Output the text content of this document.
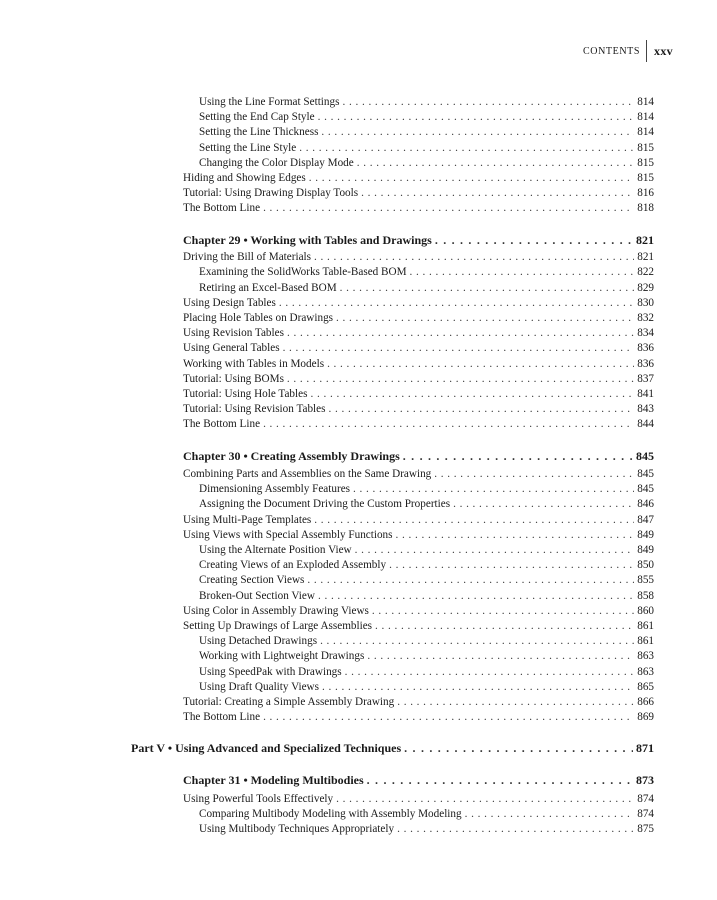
CONTENTS xxv
Using the Line Format Settings . . .	814
Setting the End Cap Style . . .	814
Setting the Line Thickness . . .	814
Setting the Line Style . . .	815
Changing the Color Display Mode . . .	815
Hiding and Showing Edges . . .	815
Tutorial: Using Drawing Display Tools . . .	816
The Bottom Line . . .	818
Chapter 29 • Working with Tables and Drawings . . .	821
Driving the Bill of Materials . . .	821
Examining the SolidWorks Table-Based BOM . . .	822
Retiring an Excel-Based BOM . . .	829
Using Design Tables . . .	830
Placing Hole Tables on Drawings . . .	832
Using Revision Tables . . .	834
Using General Tables . . .	836
Working with Tables in Models . . .	836
Tutorial: Using BOMs . . .	837
Tutorial: Using Hole Tables . . .	841
Tutorial: Using Revision Tables . . .	843
The Bottom Line . . .	844
Chapter 30 • Creating Assembly Drawings . . .	845
Combining Parts and Assemblies on the Same Drawing . . .	845
Dimensioning Assembly Features . . .	845
Assigning the Document Driving the Custom Properties . . .	846
Using Multi-Page Templates . . .	847
Using Views with Special Assembly Functions . . .	849
Using the Alternate Position View . . .	849
Creating Views of an Exploded Assembly . . .	850
Creating Section Views . . .	855
Broken-Out Section View . . .	858
Using Color in Assembly Drawing Views . . .	860
Setting Up Drawings of Large Assemblies . . .	861
Using Detached Drawings . . .	861
Working with Lightweight Drawings . . .	863
Using SpeedPak with Drawings . . .	863
Using Draft Quality Views . . .	865
Tutorial: Creating a Simple Assembly Drawing . . .	866
The Bottom Line . . .	869
Part V • Using Advanced and Specialized Techniques . . .	871
Chapter 31 • Modeling Multibodies . . .	873
Using Powerful Tools Effectively . . .	874
Comparing Multibody Modeling with Assembly Modeling . . .	874
Using Multibody Techniques Appropriately . . .	875
